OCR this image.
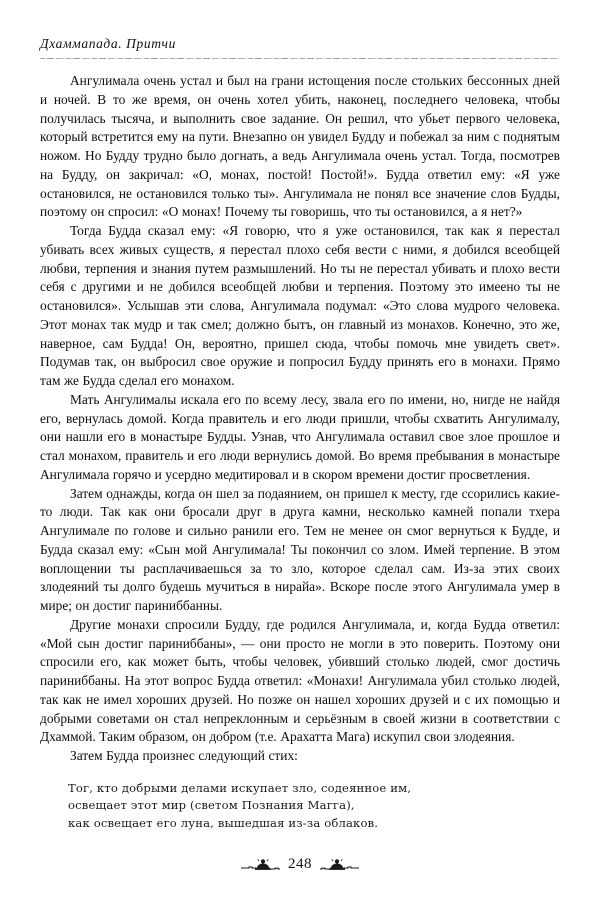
Дхаммапада. Притчи

Ангулимала очень устал и был на грани истощения после стольких бессонных дней и ночей. В то же время, он очень хотел убить, наконец, последнего человека, чтобы получилась тысяча, и выполнить свое задание. Он решил, что убьет первого человека, который встретится ему на пути. Внезапно он увидел Будду и побежал за ним с поднятым ножом. Но Будду трудно было догнать, а ведь Ангулимала очень устал. Тогда, посмотрев на Будду, он закричал: «О, монах, постой! Постой!». Будда ответил ему: «Я уже остановился, не остановился только ты». Ангулимала не понял все значение слов Будды, поэтому он спросил: «О монах! Почему ты говоришь, что ты остановился, а я нет?»

Тогда Будда сказал ему: «Я говорю, что я уже остановился, так как я перестал убивать всех живых существ, я перестал плохо себя вести с ними, я добился всеобщей любви, терпения и знания путем размышлений. Но ты не перестал убивать и плохо вести себя с другими и не добился всеобщей любви и терпения. Поэтому это имеено ты не остановился». Услышав эти слова, Ангулимала подумал: «Это слова мудрого человека. Этот монах так мудр и так смел; должно бытъ, он главный из монахов. Конечно, это же, наверное, сам Будда! Он, вероятно, пришел сюда, чтобы помочь мне увидеть свет». Подумав так, он выбросил свое оружие и попросил Будду принять его в монахи. Прямо там же Будда сделал его монахом.

Мать Ангулималы искала его по всему лесу, звала его по имени, но, нигде не найдя его, вернулась домой. Когда правитель и его люди пришли, чтобы схватить Ангулималу, они нашли его в монастыре Будды. Узнав, что Ангулимала оставил свое злое прошлое и стал монахом, правитель и его люди вернулись домой. Во время пребывания в монастыре Ангулимала горячо и усердно медитировал и в скором времени достиг просветления.

Затем однажды, когда он шел за подаянием, он пришел к месту, где ссорились какие-то люди. Так как они бросали друг в друга камни, несколько камней попали тхера Ангулимале по голове и сильно ранили его. Тем не менее он смог вернуться к Будде, и Будда сказал ему: «Сын мой Ангулимала! Ты покончил со злом. Имей терпение. В этом воплощении ты расплачиваешься за то зло, которое сделал сам. Из-за этих своих злодеяний ты долго будешь мучиться в нирайа». Вскоре после этого Ангулимала умер в мире; он достиг париниббанны.

Другие монахи спросили Будду, где родился Ангулимала, и, когда Будда ответил: «Мой сын достиг париниббаны», — они просто не могли в это поверить. Поэтому они спросили его, как может быть, чтобы человек, убивший столько людей, смог достичь париниббаны. На этот вопрос Будда ответил: «Монахи! Ангулимала убил столько людей, так как не имел хороших друзей. Но позже он нашел хороших друзей и с их помощью и добрыми советами он стал непреклонным и серьёзным в своей жизни в соответствии с Дхаммой. Таким образом, он добром (т.е. Арахатта Мага) искупил свои злодеяния.

Затем Будда произнес следующий стих:

Тог, кто добрыми делами искупает зло, содеянное им,
освещает этот мир (светом Познания Магга),
как освещает его луна, вышедшая из-за облаков.
248
